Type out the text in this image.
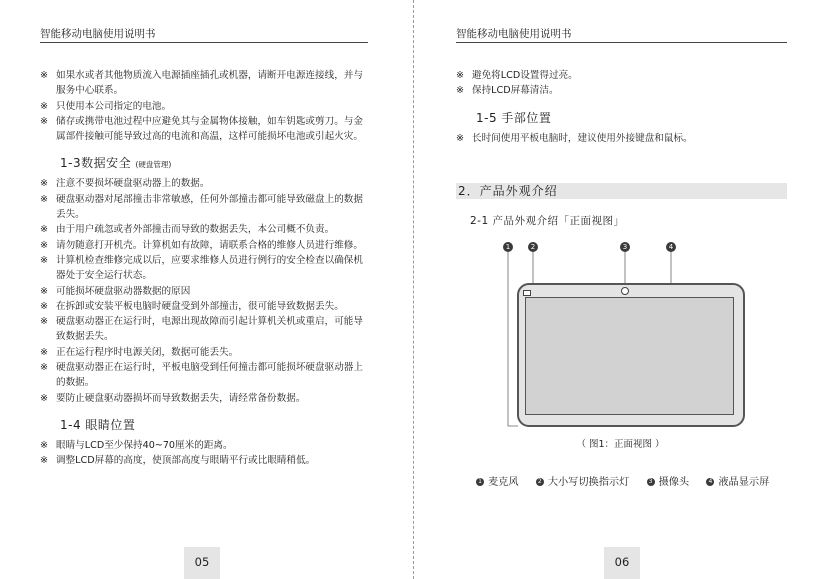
智能移动电脑使用说明书

※ 如果水或者其他物质流入电源插座插孔或机器，请断开电源连接线，并与服务中心联系。

※ 只使用本公司指定的电池。

※ 储存或携带电池过程中应避免其与金属物体接触，如车钥匙或剪刀。与金属部件接触可能导致过高的电流和高温，这样可能损坏电池或引起火灾。

1-3数据安全 (硬盘管理)

※ 注意不要损坏硬盘驱动器上的数据。

※ 硬盘驱动器对尾部撞击非常敏感，任何外部撞击都可能导致磁盘上的数据丢失。

※ 由于用户疏忽或者外部撞击而导致的数据丢失，本公司概不负责。

※ 请勿随意打开机壳。计算机如有故障，请联系合格的维修人员进行维修。

※ 计算机检查维修完成以后，应要求维修人员进行例行的安全检查以确保机器处于安全运行状态。

※ 可能损坏硬盘驱动器数据的原因

※ 在拆卸或安装平板电脑时硬盘受到外部撞击，很可能导致数据丢失。

※ 硬盘驱动器正在运行时，电源出现故障而引起计算机关机或重启，可能导致数据丢失。

※ 正在运行程序时电源关闭，数据可能丢失。

※ 硬盘驱动器正在运行时，平板电脑受到任何撞击都可能损坏硬盘驱动器上的数据。

※ 要防止硬盘驱动器损坏而导致数据丢失，请经常备份数据。

1-4 眼睛位置

※ 眼睛与LCD至少保持40~70厘米的距离。

※ 调整LCD屏幕的高度，使顶部高度与眼睛平行或比眼睛稍低。

05
智能移动电脑使用说明书

※ 避免将LCD设置得过亮。

※ 保持LCD屏幕清洁。

1-5 手部位置

※ 长时间使用平板电脑时，建议使用外接键盘和鼠标。

2．产品外观介绍
2-1 产品外观介绍「正面视图」
1	2	3	4
（ 图1：正面视图 ）
1 麦克风	2 大小写切换指示灯	3 摄像头	4 液晶显示屏
06
